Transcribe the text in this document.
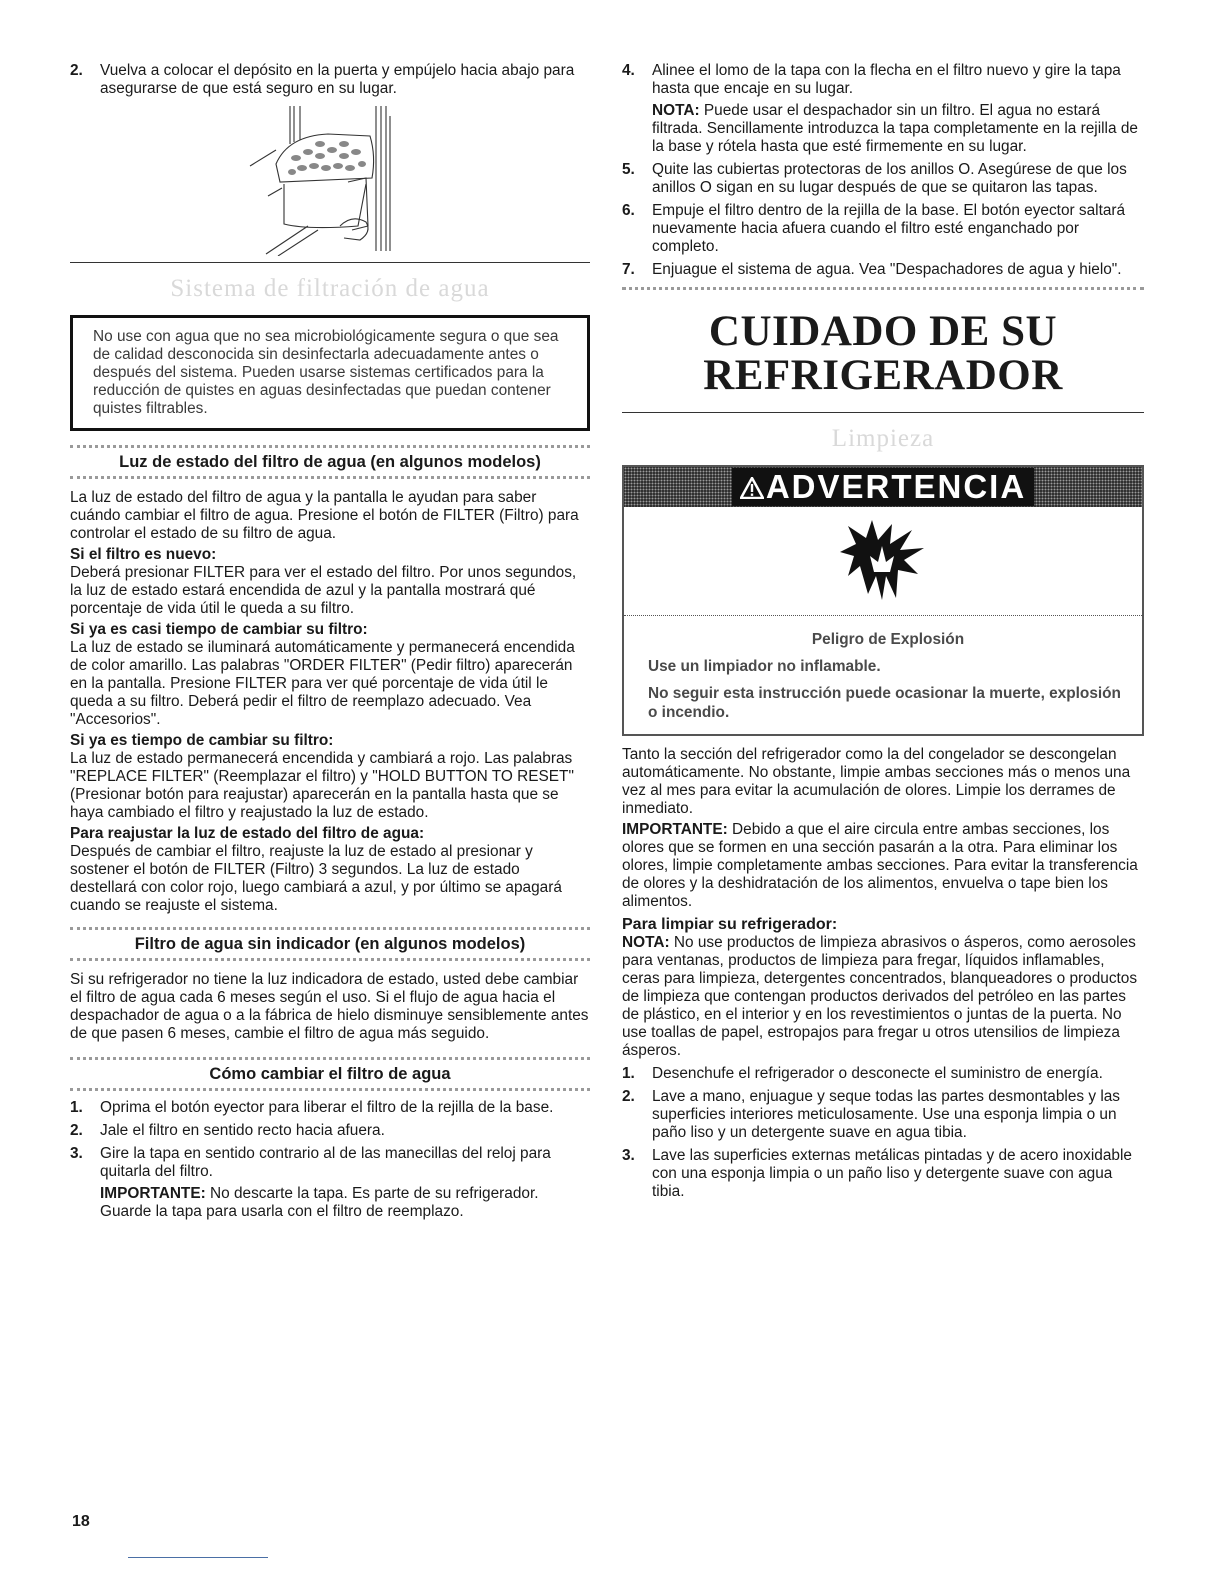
2.	Vuelva a colocar el depósito en la puerta y empújelo hacia abajo para asegurarse de que está seguro en su lugar.
Sistema de filtración de agua
No use con agua que no sea microbiológicamente segura o que sea de calidad desconocida sin desinfectarla adecuadamente antes o después del sistema. Pueden usarse sistemas certificados para la reducción de quistes en aguas desinfectadas que puedan contener quistes filtrables.
Luz de estado del filtro de agua (en algunos modelos)

La luz de estado del filtro de agua y la pantalla le ayudan para saber cuándo cambiar el filtro de agua. Presione el botón de FILTER (Filtro) para controlar el estado de su filtro de agua.

Si el filtro es nuevo:

Deberá presionar FILTER para ver el estado del filtro. Por unos segundos, la luz de estado estará encendida de azul y la pantalla mostrará qué porcentaje de vida útil le queda a su filtro.

Si ya es casi tiempo de cambiar su filtro:

La luz de estado se iluminará automáticamente y permanecerá encendida de color amarillo. Las palabras "ORDER FILTER" (Pedir filtro) aparecerán en la pantalla. Presione FILTER para ver qué porcentaje de vida útil le queda a su filtro. Deberá pedir el filtro de reemplazo adecuado. Vea "Accesorios".

Si ya es tiempo de cambiar su filtro:

La luz de estado permanecerá encendida y cambiará a rojo. Las palabras "REPLACE FILTER" (Reemplazar el filtro) y "HOLD BUTTON TO RESET" (Presionar botón para reajustar) aparecerán en la pantalla hasta que se haya cambiado el filtro y reajustado la luz de estado.

Para reajustar la luz de estado del filtro de agua:

Después de cambiar el filtro, reajuste la luz de estado al presionar y sostener el botón de FILTER (Filtro) 3 segundos. La luz de estado destellará con color rojo, luego cambiará a azul, y por último se apagará cuando se reajuste el sistema.

Filtro de agua sin indicador (en algunos modelos)

Si su refrigerador no tiene la luz indicadora de estado, usted debe cambiar el filtro de agua cada 6 meses según el uso. Si el flujo de agua hacia el despachador de agua o a la fábrica de hielo disminuye sensiblemente antes de que pasen 6 meses, cambie el filtro de agua más seguido.

Cómo cambiar el filtro de agua
1.	Oprima el botón eyector para liberar el filtro de la rejilla de la base.
2.	Jale el filtro en sentido recto hacia afuera.
3.	Gire la tapa en sentido contrario al de las manecillas del reloj para quitarla del filtro.
IMPORTANTE: No descarte la tapa. Es parte de su refrigerador. Guarde la tapa para usarla con el filtro de reemplazo.
4.	Alinee el lomo de la tapa con la flecha en el filtro nuevo y gire la tapa hasta que encaje en su lugar.
NOTA: Puede usar el despachador sin un filtro. El agua no estará filtrada. Sencillamente introduzca la tapa completamente en la rejilla de la base y rótela hasta que esté firmemente en su lugar.
5.	Quite las cubiertas protectoras de los anillos O. Asegúrese de que los anillos O sigan en su lugar después de que se quitaron las tapas.
6.	Empuje el filtro dentro de la rejilla de la base. El botón eyector saltará nuevamente hacia afuera cuando el filtro esté enganchado por completo.
7.	Enjuague el sistema de agua. Vea "Despachadores de agua y hielo".
CUIDADO DE SU
REFRIGERADOR
Limpieza
ADVERTENCIA
Peligro de Explosión
Use un limpiador no inflamable.
No seguir esta instrucción puede ocasionar la muerte, explosión o incendio.

Tanto la sección del refrigerador como la del congelador se descongelan automáticamente. No obstante, limpie ambas secciones más o menos una vez al mes para evitar la acumulación de olores. Limpie los derrames de inmediato.

IMPORTANTE: Debido a que el aire circula entre ambas secciones, los olores que se formen en una sección pasarán a la otra. Para eliminar los olores, limpie completamente ambas secciones. Para evitar la transferencia de olores y la deshidratación de los alimentos, envuelva o tape bien los alimentos.

Para limpiar su refrigerador:

NOTA: No use productos de limpieza abrasivos o ásperos, como aerosoles para ventanas, productos de limpieza para fregar, líquidos inflamables, ceras para limpieza, detergentes concentrados, blanqueadores o productos de limpieza que contengan productos derivados del petróleo en las partes de plástico, en el interior y en los revestimientos o juntas de la puerta. No use toallas de papel, estropajos para fregar u otros utensilios de limpieza ásperos.

1.	Desenchufe el refrigerador o desconecte el suministro de energía.
2.	Lave a mano, enjuague y seque todas las partes desmontables y las superficies interiores meticulosamente. Use una esponja limpia o un paño liso y un detergente suave en agua tibia.
3.	Lave las superficies externas metálicas pintadas y de acero inoxidable con una esponja limpia o un paño liso y detergente suave con agua tibia.
18
